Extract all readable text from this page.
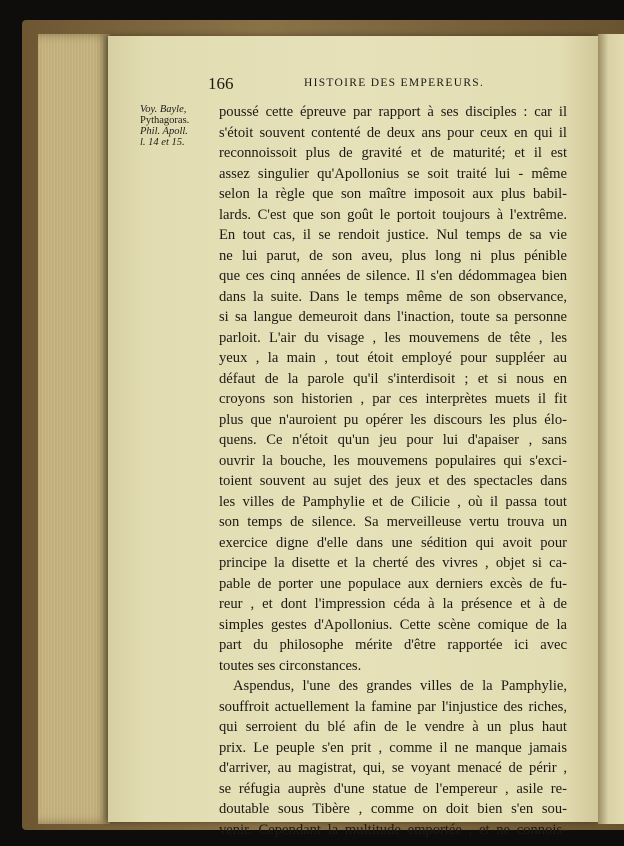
166	HISTOIRE DES EMPEREURS.
Voy. Bayle,
Pythagoras.
Phil. Apoll.
l. 14 et 15.
poussé cette épreuve par rapport à ses disciples : car il
s'étoit souvent contenté de deux ans pour ceux en qui il
reconnoissoit plus de gravité et de maturité; et il est
assez singulier qu'Apollonius se soit traité lui - même
selon la règle que son maître imposoit aux plus babil-
lards. C'est que son goût le portoit toujours à l'extrême.
En tout cas, il se rendoit justice. Nul temps de sa vie
ne lui parut, de son aveu, plus long ni plus pénible
que ces cinq années de silence. Il s'en dédommagea bien
dans la suite. Dans le temps même de son observance,
si sa langue demeuroit dans l'inaction, toute sa personne
parloit. L'air du visage , les mouvemens de tête , les
yeux , la main , tout étoit employé pour suppléer au
défaut de la parole qu'il s'interdisoit ; et si nous en
croyons son historien , par ces interprètes muets il fit
plus que n'auroient pu opérer les discours les plus élo-
quens. Ce n'étoit qu'un jeu pour lui d'apaiser , sans
ouvrir la bouche, les mouvemens populaires qui s'exci-
toient souvent au sujet des jeux et des spectacles dans
les villes de Pamphylie et de Cilicie , où il passa tout
son temps de silence. Sa merveilleuse vertu trouva un
exercice digne d'elle dans une sédition qui avoit pour
principe la disette et la cherté des vivres , objet si ca-
pable de porter une populace aux derniers excès de fu-
reur , et dont l'impression céda à la présence et à de
simples gestes d'Apollonius. Cette scène comique de la
part du philosophe mérite d'être rapportée ici avec
toutes ses circonstances.
Aspendus, l'une des grandes villes de la Pamphylie,
souffroit actuellement la famine par l'injustice des riches,
qui serroient du blé afin de le vendre à un plus haut
prix. Le peuple s'en prit , comme il ne manque jamais
d'arriver, au magistrat, qui, se voyant menacé de périr ,
se réfugia auprès d'une statue de l'empereur , asile re-
doutable sous Tibère , comme on doit bien s'en sou-
venir. Cependant la multitude emportée , et ne connois-
